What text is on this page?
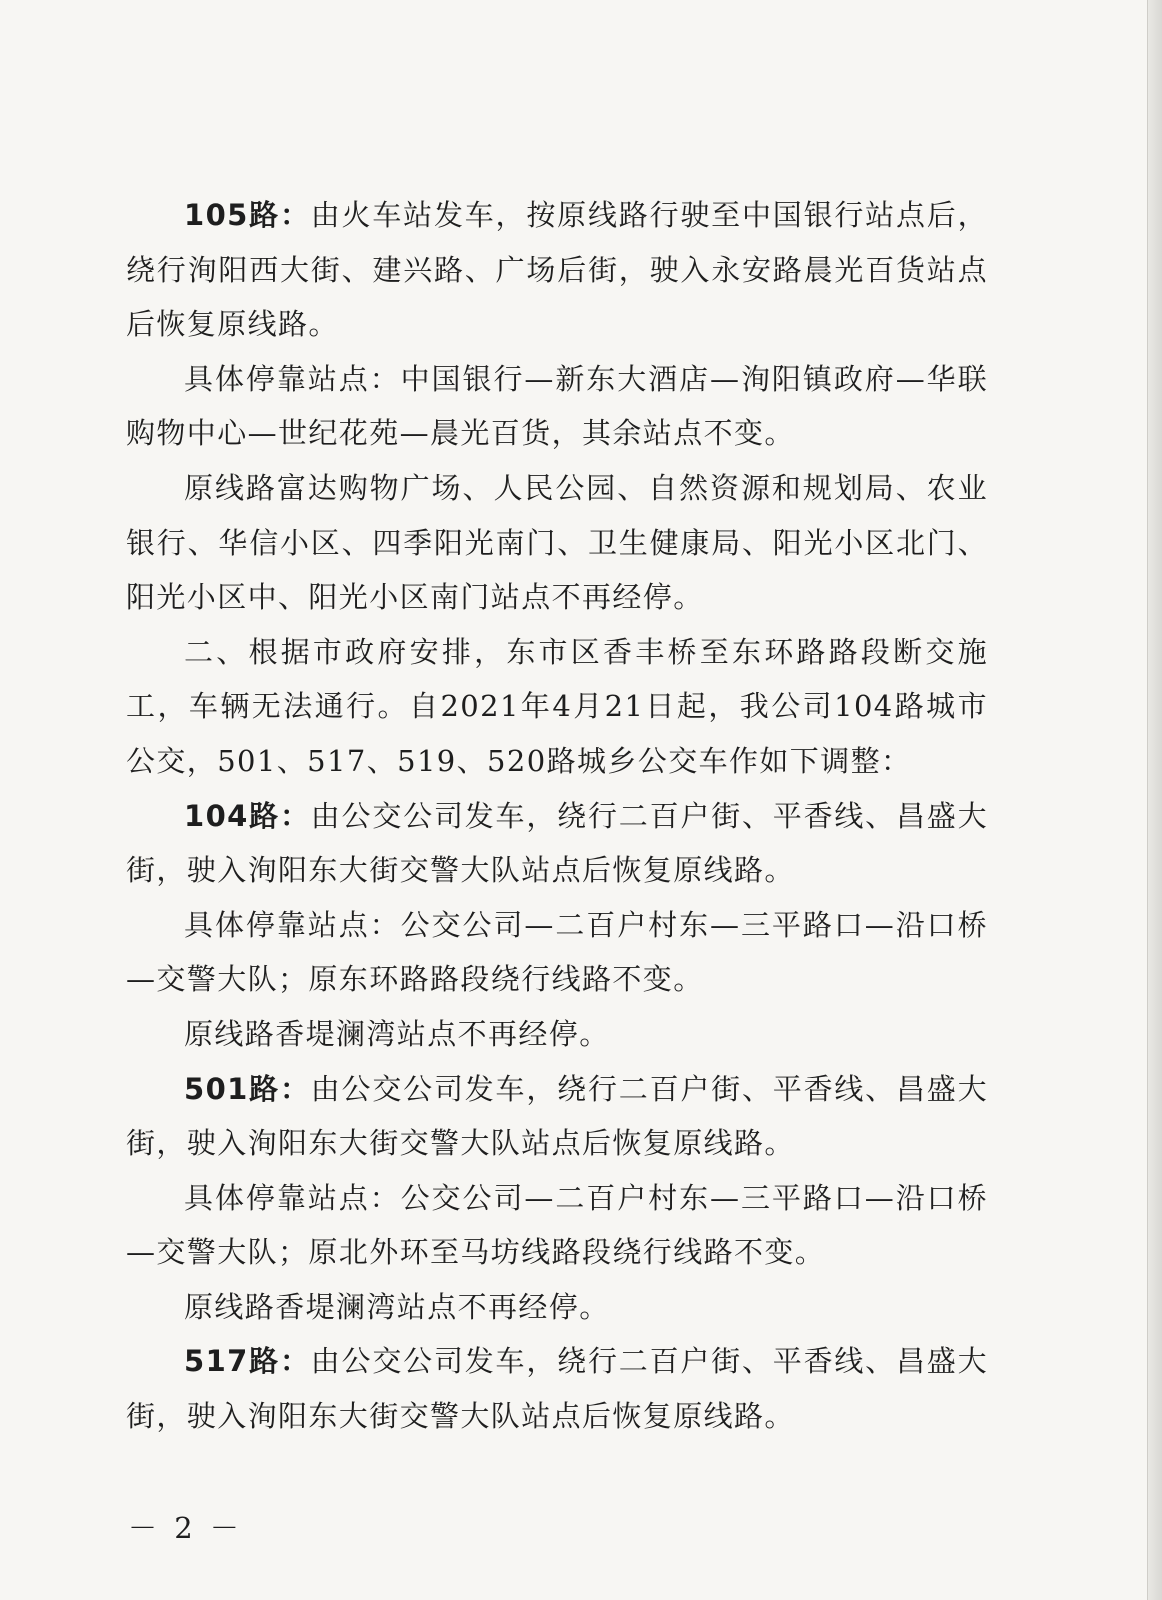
105路：由火车站发车，按原线路行驶至中国银行站点后，绕行洵阳西大街、建兴路、广场后街，驶入永安路晨光百货站点后恢复原线路。

具体停靠站点：中国银行—新东大酒店—洵阳镇政府—华联购物中心—世纪花苑—晨光百货，其余站点不变。

原线路富达购物广场、人民公园、自然资源和规划局、农业银行、华信小区、四季阳光南门、卫生健康局、阳光小区北门、阳光小区中、阳光小区南门站点不再经停。

二、根据市政府安排，东市区香丰桥至东环路路段断交施工，车辆无法通行。自2021年4月21日起，我公司104路城市公交，501、517、519、520路城乡公交车作如下调整：

104路：由公交公司发车，绕行二百户街、平香线、昌盛大街，驶入洵阳东大街交警大队站点后恢复原线路。

具体停靠站点：公交公司—二百户村东—三平路口—沿口桥—交警大队；原东环路路段绕行线路不变。

原线路香堤澜湾站点不再经停。

501路：由公交公司发车，绕行二百户街、平香线、昌盛大街，驶入洵阳东大街交警大队站点后恢复原线路。

具体停靠站点：公交公司—二百户村东—三平路口—沿口桥—交警大队；原北外环至马坊线路段绕行线路不变。

原线路香堤澜湾站点不再经停。

517路：由公交公司发车，绕行二百户街、平香线、昌盛大街，驶入洵阳东大街交警大队站点后恢复原线路。

－ 2 －
